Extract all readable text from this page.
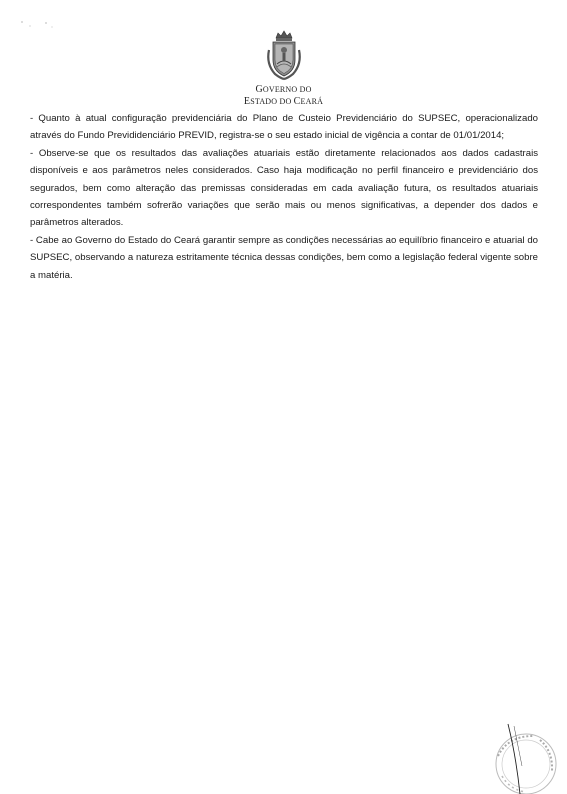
GOVERNO DO
ESTADO DO CEARÁ

- Quanto à atual configuração previdenciária do Plano de Custeio Previdenciário do SUPSEC, operacionalizado através do Fundo Prevididenciário PREVID, registra-se o seu estado inicial de vigência a contar de 01/01/2014;

- Observe-se que os resultados das avaliações atuariais estão diretamente relacionados aos dados cadastrais disponíveis e aos parâmetros neles considerados. Caso haja modificação no perfil financeiro e previdenciário dos segurados, bem como alteração das premissas consideradas em cada avaliação futura, os resultados atuariais correspondentes também sofrerão variações que serão mais ou menos significativas, a depender dos dados e parâmetros alterados.

- Cabe ao Governo do Estado do Ceará garantir sempre as condições necessárias ao equilíbrio financeiro e atuarial do SUPSEC, observando a natureza estritamente técnica dessas condições, bem como a legislação federal vigente sobre a matéria.
